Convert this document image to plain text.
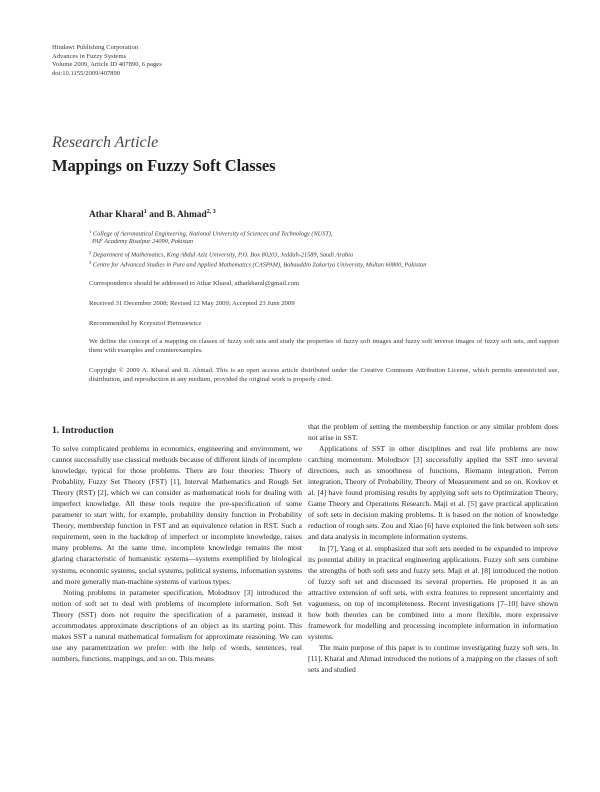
Hindawi Publishing Corporation
Advances in Fuzzy Systems
Volume 2009, Article ID 407890, 6 pages
doi:10.1155/2009/407890
Research Article
Mappings on Fuzzy Soft Classes
Athar Kharal$^1$ and B. Ahmad$^{2, 3}$
$^1$ College of Aeronautical Engineering, National University of Sciences and Technology (NUST),
PAF Academy Risalpur 24090, Pakistan
$^2$ Department of Mathematics, King Abdul Aziz University, P.O. Box 80203, Jeddah-21589, Saudi Arabia
$^3$ Centre for Advanced Studies in Pure and Applied Mathematics (CASPAM), Bahauddin Zakariya University, Multan 60800, Pakistan
Correspondence should be addressed to Athar Kharal, atharkharal@gmail.com
Received 31 December 2008; Revised 12 May 2009; Accepted 23 June 2009
Recommended by Krzysztof Pietrusewicz
We define the concept of a mapping on classes of fuzzy soft sets and study the properties of fuzzy soft images and fuzzy soft inverse images of fuzzy soft sets, and support them with examples and counterexamples.
Copyright © 2009 A. Kharal and B. Ahmad. This is an open access article distributed under the Creative Commons Attribution License, which permits unrestricted use, distribution, and reproduction in any medium, provided the original work is properly cited.
1. Introduction

To solve complicated problems in economics, engineering and environment, we cannot successfully use classical methods because of different kinds of incomplete knowledge, typical for those problems. There are four theories: Theory of Probablity, Fuzzy Set Theory (FST) [1], Interval Mathematics and Rough Set Theory (RST) [2], which we can consider as mathematical tools for dealing with imperfect knowledge. All these tools require the pre-specification of some parameter to start with, for example, probability density function in Probability Theory, membership function in FST and an equivalence relation in RST. Such a requirement, seen in the backdrop of imperfect or incomplete knowledge, raises many problems. At the same time, incomplete knowledge remains the most glaring characteristic of humanistic systems—systems exemplified by biological systems, economic systems, social systems, political systems, information systems and more generally man-machine systems of various types.

Noting problems in parameter specification, Molodtsov [3] introduced the notion of soft set to deal with problems of incomplete information. Soft Set Theory (SST) does not require the specification of a parameter, instead it accommodates approximate descriptions of an object as its starting point. This makes SST a natural mathematical formalism for approximate reasoning. We can use any parametrization we prefer: with the help of words, sentences, real numbers, functions, mappings, and so on. This means

that the problem of setting the membership function or any similar problem does not arise in SST.

Applications of SST in other disciplines and real life problems are now catching momentum. Molodtsov [3] successfully applied the SST into several directions, such as smoothness of functions, Riemann integration, Perron integration, Theory of Probability, Theory of Measurement and so on. Kovkov et al. [4] have found promising results by applying soft sets to Optimization Theory, Game Theory and Operations Research. Maji et al. [5] gave practical application of soft sets in decision making problems. It is based on the notion of knowledge reduction of rough sets. Zou and Xiao [6] have exploited the link between soft sets and data analysis in incomplete information systems.

In [7], Yang et al. emphasized that soft sets needed to be expanded to improve its potential ability in practical engineering applications. Fuzzy soft sets combine the strengths of both soft sets and fuzzy sets. Maji et al. [8] introduced the notion of fuzzy soft set and discussed its several properties. He proposed it as an attractive extension of soft sets, with extra features to represent uncertainty and vagueness, on top of incompleteness. Recent investigations [7–10] have shown how both theories can be combined into a more flexible, more expressive framework for modelling and processing incomplete information in information systems.

The main purpose of this paper is to continue investigating fuzzy soft sets. In [11], Kharal and Ahmad introduced the notions of a mapping on the classes of soft sets and studied
